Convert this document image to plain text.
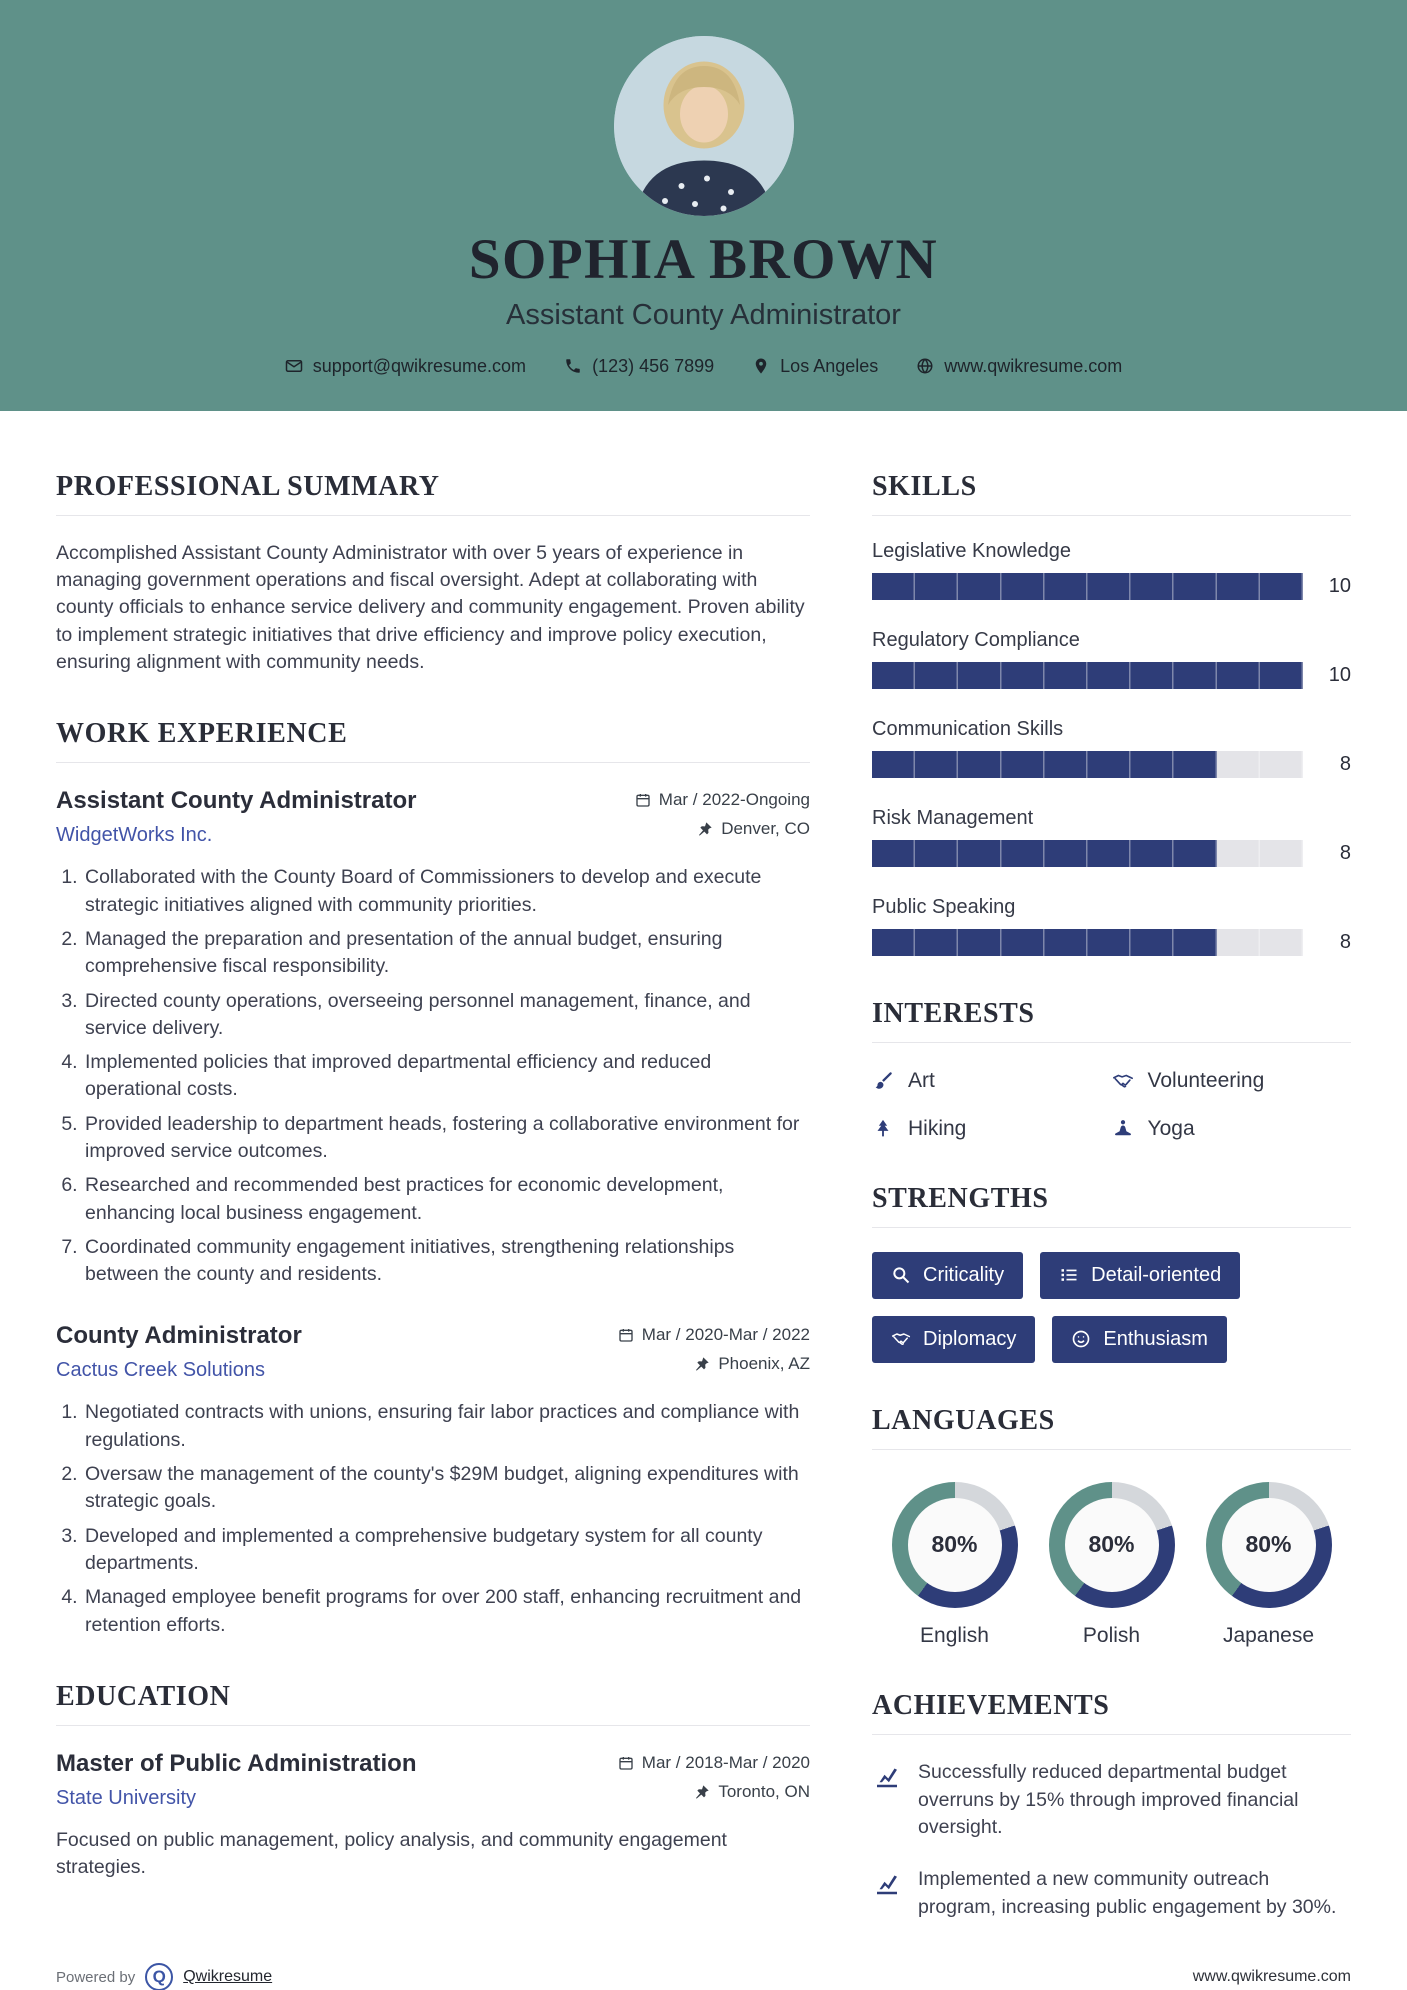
SOPHIA BROWN
Assistant County Administrator
support@qwikresume.com	(123) 456 7899	Los Angeles	www.qwikresume.com
PROFESSIONAL SUMMARY

Accomplished Assistant County Administrator with over 5 years of experience in managing government operations and fiscal oversight. Adept at collaborating with county officials to enhance service delivery and community engagement. Proven ability to implement strategic initiatives that drive efficiency and improve policy execution, ensuring alignment with community needs.

WORK EXPERIENCE
Assistant County Administrator
WidgetWorks Inc.
Mar / 2022-Ongoing
Denver, CO
1. Collaborated with the County Board of Commissioners to develop and execute strategic initiatives aligned with community priorities.
2. Managed the preparation and presentation of the annual budget, ensuring comprehensive fiscal responsibility.
3. Directed county operations, overseeing personnel management, finance, and service delivery.
4. Implemented policies that improved departmental efficiency and reduced operational costs.
5. Provided leadership to department heads, fostering a collaborative environment for improved service outcomes.
6. Researched and recommended best practices for economic development, enhancing local business engagement.
7. Coordinated community engagement initiatives, strengthening relationships between the county and residents.
County Administrator
Cactus Creek Solutions
Mar / 2020-Mar / 2022
Phoenix, AZ
1. Negotiated contracts with unions, ensuring fair labor practices and compliance with regulations.
2. Oversaw the management of the county's $29M budget, aligning expenditures with strategic goals.
3. Developed and implemented a comprehensive budgetary system for all county departments.
4. Managed employee benefit programs for over 200 staff, enhancing recruitment and retention efforts.
EDUCATION
Master of Public Administration
State University
Mar / 2018-Mar / 2020
Toronto, ON

Focused on public management, policy analysis, and community engagement strategies.

SKILLS
Legislative Knowledge
10
Regulatory Compliance
10
Communication Skills
8
Risk Management
8
Public Speaking
8
INTERESTS
Art	Volunteering
Hiking	Yoga
STRENGTHS
Criticality	Detail-oriented
Diplomacy	Enthusiasm
LANGUAGES
80%
English
80%
Polish
80%
Japanese
ACHIEVEMENTS

Successfully reduced departmental budget overruns by 15% through improved financial oversight.

Implemented a new community outreach program, increasing public engagement by 30%.

Powered by	Q	Qwikresume	www.qwikresume.com
